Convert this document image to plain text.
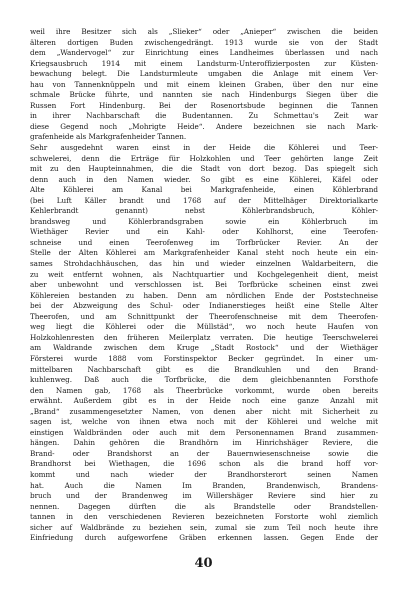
weil ihre Besitzer sich als „Slieker“ oder „Anieper“ zwischen die beiden
älteren dortigen Buden zwischengedrängt. 1913 wurde sie von der Stadt
dem „Wandervogel“ zur Einrichtung eines Landheimes überlassen und nach
Kriegsausbruch 1914 mit einem Landsturm-Unteroffizierposten zur Küsten-
bewachung belegt. Die Landsturmleute umgaben die Anlage mit einem Ver-
hau von Tannenknüppeln und mit einem kleinen Graben, über den nur eine
schmale Brücke führte, und nannten sie nach Hindenburgs Siegen über die
Russen Fort Hindenburg. Bei der Rosenortsbude beginnen die Tannen
in ihrer Nachbarschaft die Budentannen. Zu Schmettau's Zeit war
diese Gegend noch „Mohrigte Heide“. Andere bezeichnen sie nach Mark-
grafenheide als Markgrafenheider Tannen.
Sehr ausgedehnt waren einst in der Heide die Köhlerei und Teer-
schwelerei, denn die Erträge für Holzkohlen und Teer gehörten lange Zeit
mit zu den Haupteinnahmen, die die Stadt von dort bezog. Das spiegelt sich
denn auch in den Namen wieder. So gibt es eine Köhlerei, Käfel oder
Alte Köhlerei am Kanal bei Markgrafenheide, einen Köhlerbrand
(bei Luft Käller brandt und 1768 auf der Mittelhäger Direktorialkarte
Kehlerbrandt genannt) nebst Köhlerbrandsbruch, Köhler-
brandsweg und Köhlerbrandsgraben sowie ein Köhlerbruch im
Wiethäger Revier und ein Kahl- oder Kohlhorst, eine Teerofen-
schneise und einen Teerofenweg im Torfbrücker Revier. An der
Stelle der Alten Köhlerei am Markgrafenheider Kanal steht noch heute ein ein-
sames Strohdachhäuschen, das hin und wieder einzelnen Waldarbeitern, die
zu weit entfernt wohnen, als Nachtquartier und Kochgelegenheit dient, meist
aber unbewohnt und verschlossen ist. Bei Torfbrücke scheinen einst zwei
Köhlereien bestanden zu haben. Denn am nördlichen Ende der Poststechneise
bei der Abzweigung des Schul- oder Indianerstieges heißt eine Stelle Alter
Theerofen, und am Schnittpunkt der Theerofenschneise mit dem Theerofen-
weg liegt die Köhlerei oder die Müllstäd“, wo noch heute Haufen von
Holzkohlenresten den früheren Meilerplatz verraten. Die heutige Teerschwelerei
am Waldrande zwischen dem Kruge „Stadt Rostock“ und der Wiethäger
Försterei wurde 1888 vom Forstinspektor Becker gegründet. In einer um-
mittelbaren Nachbarschaft gibt es die Brandkuhlen und den Brand-
kuhlenweg. Daß auch die Torfbrücke, die dem gleichbenannten Forsthofe
den Namen gab, 1768 als Theerbrücke vorkommt, wurde oben bereits
erwähnt. Außerdem gibt es in der Heide noch eine ganze Anzahl mit
„Brand“ zusammengesetzter Namen, von denen aber nicht mit Sicherheit zu
sagen ist, welche von ihnen etwa noch mit der Köhlerei und welche mit
einstigen Waldbränden oder auch mit dem Personennamen Brand zusammen-
hängen. Dahin gehören die Brandhörn im Hinrichshäger Reviere, die
Brand- oder Brandshorst an der Bauernwiesenschneise sowie die
Brandhorst bei Wiethagen, die 1696 schon als die brand hoff vor-
kommt und nach wieder der Brandhorsterort seinen Namen
hat. Auch die Namen Im Branden, Brandenwisch, Brandens-
bruch und der Brandenweg im Willershäger Reviere sind hier zu
nennen. Dagegen dürften die als Brandstelle oder Brandstellen-
tannen in den verschiedenen Revieren bezeichneten Forstorte wohl ziemlich
sicher auf Waldbrände zu beziehen sein, zumal sie zum Teil noch heute ihre
Einfriedung durch aufgeworfene Gräben erkennen lassen. Gegen Ende der
40
